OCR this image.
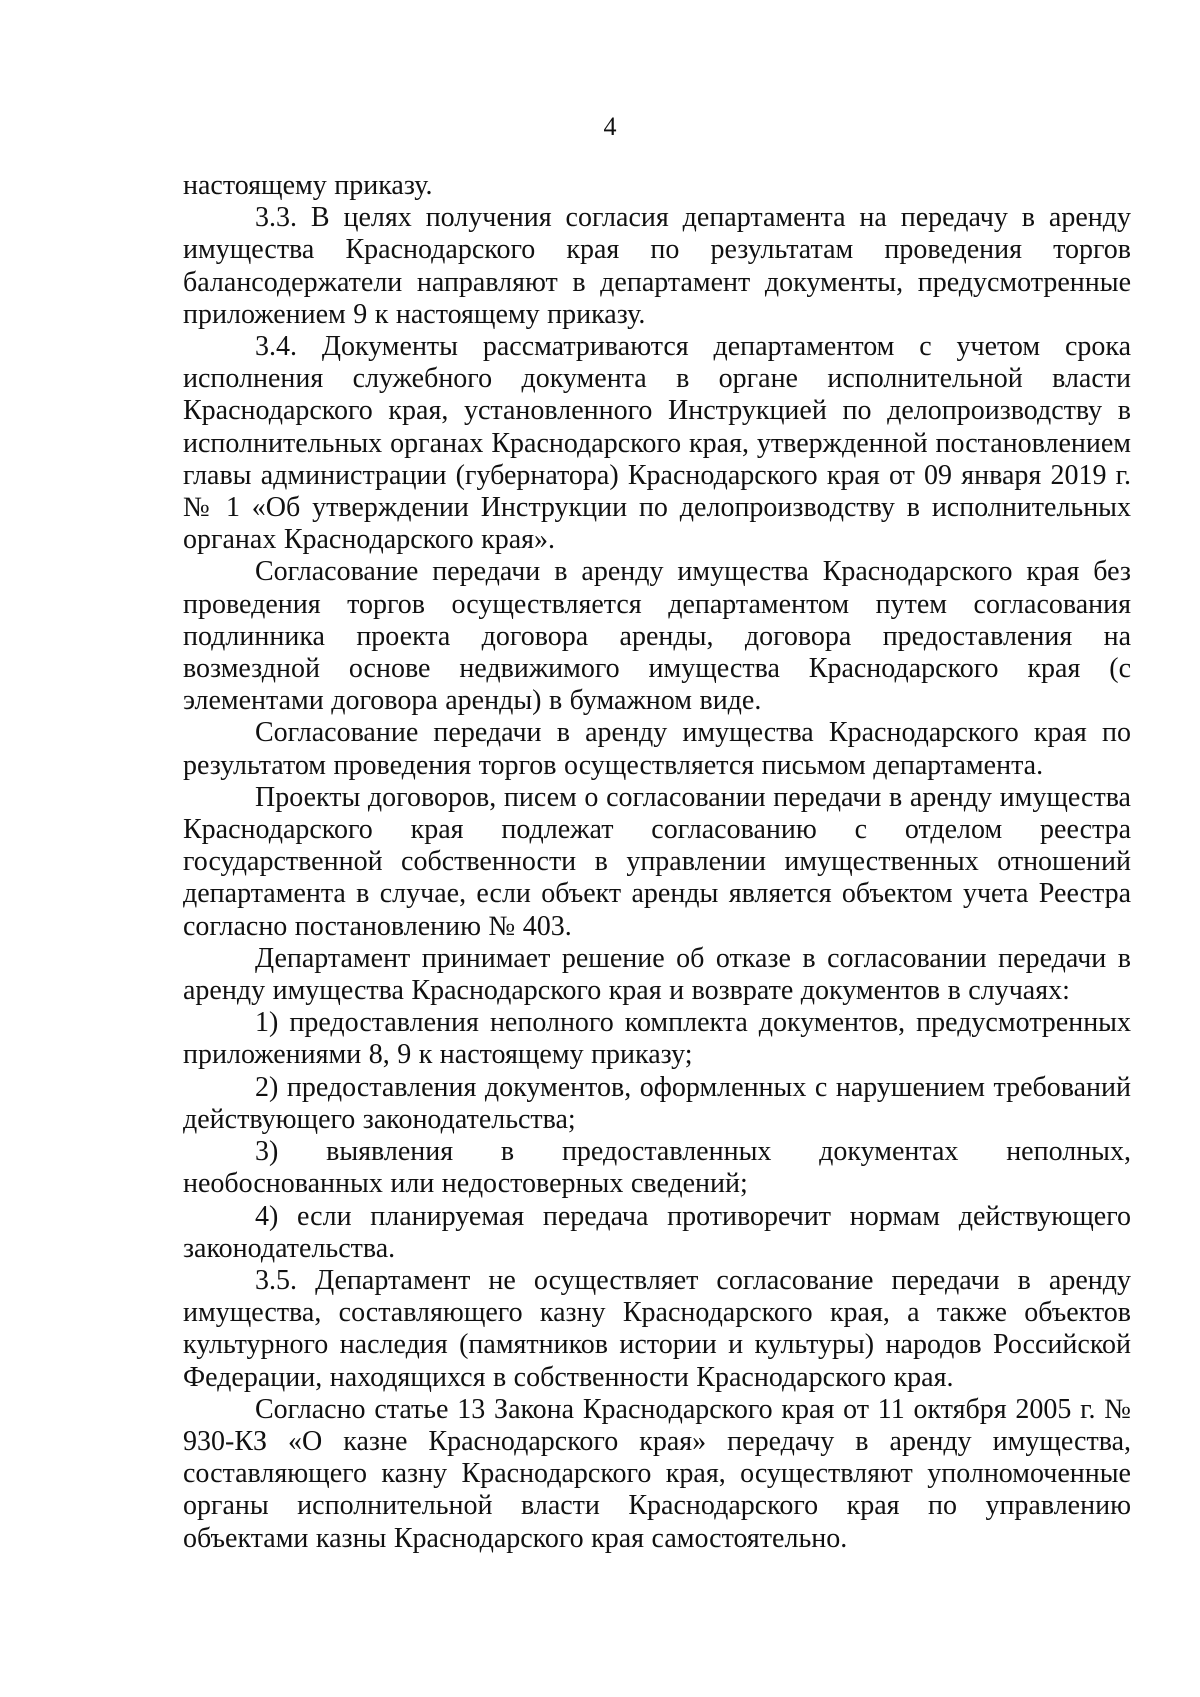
4

настоящему приказу.

3.3. В целях получения согласия департамента на передачу в аренду имущества Краснодарского края по результатам проведения торгов балансодержатели направляют в департамент документы, предусмотренные приложением 9 к настоящему приказу.

3.4. Документы рассматриваются департаментом с учетом срока исполнения служебного документа в органе исполнительной власти Краснодарского края, установленного Инструкцией по делопроизводству в исполнительных органах Краснодарского края, утвержденной постановлением главы администрации (губернатора) Краснодарского края от 09 января 2019 г. № 1 «Об утверждении Инструкции по делопроизводству в исполнительных органах Краснодарского края».

Согласование передачи в аренду имущества Краснодарского края без проведения торгов осуществляется департаментом путем согласования подлинника проекта договора аренды, договора предоставления на возмездной основе недвижимого имущества Краснодарского края (с элементами договора аренды) в бумажном виде.

Согласование передачи в аренду имущества Краснодарского края по результатом проведения торгов осуществляется письмом департамента.

Проекты договоров, писем о согласовании передачи в аренду имущества Краснодарского края подлежат согласованию с отделом реестра государственной собственности в управлении имущественных отношений департамента в случае, если объект аренды является объектом учета Реестра согласно постановлению № 403.

Департамент принимает решение об отказе в согласовании передачи в аренду имущества Краснодарского края и возврате документов в случаях:

1) предоставления неполного комплекта документов, предусмотренных приложениями 8, 9 к настоящему приказу;

2) предоставления документов, оформленных с нарушением требований действующего законодательства;

3) выявления в предоставленных документах неполных, необоснованных или недостоверных сведений;

4) если планируемая передача противоречит нормам действующего законодательства.

3.5. Департамент не осуществляет согласование передачи в аренду имущества, составляющего казну Краснодарского края, а также объектов культурного наследия (памятников истории и культуры) народов Российской Федерации, находящихся в собственности Краснодарского края.

Согласно статье 13 Закона Краснодарского края от 11 октября 2005 г. № 930-КЗ «О казне Краснодарского края» передачу в аренду имущества, составляющего казну Краснодарского края, осуществляют уполномоченные органы исполнительной власти Краснодарского края по управлению объектами казны Краснодарского края самостоятельно.
